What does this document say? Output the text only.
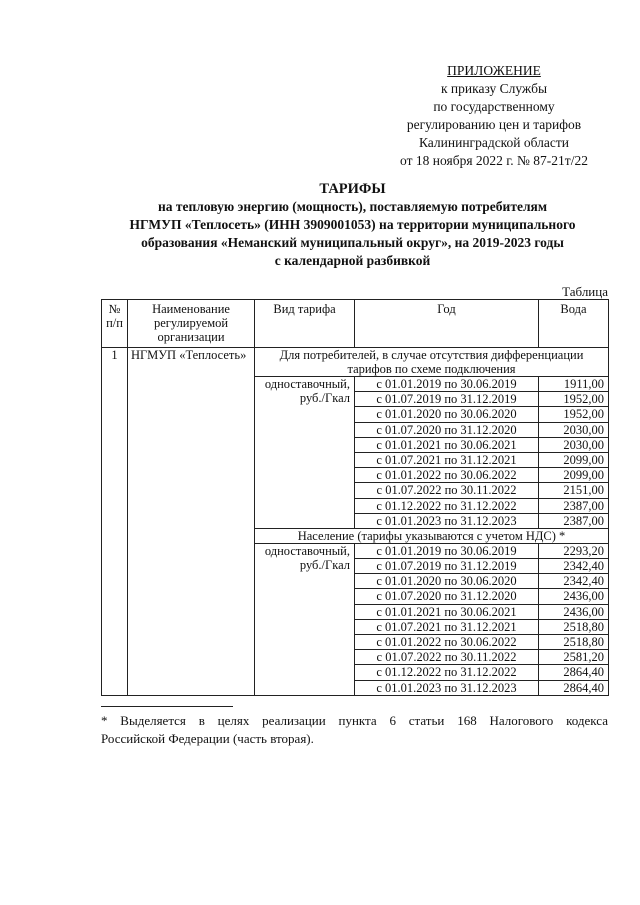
ПРИЛОЖЕНИЕ
к приказу Службы
по государственному
регулированию цен и тарифов
Калининградской области
от 18 ноября 2022 г. № 87-21т/22
ТАРИФЫ
на тепловую энергию (мощность), поставляемую потребителям
НГМУП «Теплосеть» (ИНН 3909001053) на территории муниципального
образования «Неманский муниципальный округ», на 2019-2023 годы
с календарной разбивкой
Таблица
№ п/п	Наименование регулируемой организации	Вид тарифа	Год	Вода
1	НГМУП «Теплосеть»	Для потребителей, в случае отсутствия дифференциации тарифов по схеме подключения		
		одноставочный, руб./Гкал	с 01.01.2019 по 30.06.2019	1911,00
			с 01.07.2019 по 31.12.2019	1952,00
			с 01.01.2020 по 30.06.2020	1952,00
			с 01.07.2020 по 31.12.2020	2030,00
			с 01.01.2021 по 30.06.2021	2030,00
			с 01.07.2021 по 31.12.2021	2099,00
			с 01.01.2022 по 30.06.2022	2099,00
			с 01.07.2022 по 30.11.2022	2151,00
			с 01.12.2022 по 31.12.2022	2387,00
			с 01.01.2023 по 31.12.2023	2387,00
		Население (тарифы указываются с учетом НДС) *		
		одноставочный, руб./Гкал	с 01.01.2019 по 30.06.2019	2293,20
			с 01.07.2019 по 31.12.2019	2342,40
			с 01.01.2020 по 30.06.2020	2342,40
			с 01.07.2020 по 31.12.2020	2436,00
			с 01.01.2021 по 30.06.2021	2436,00
			с 01.07.2021 по 31.12.2021	2518,80
			с 01.01.2022 по 30.06.2022	2518,80
			с 01.07.2022 по 30.11.2022	2581,20
			с 01.12.2022 по 31.12.2022	2864,40
			с 01.01.2023 по 31.12.2023	2864,40
* Выделяется в целях реализации пункта 6 статьи 168 Налогового кодекса
Российской Федерации (часть вторая).
